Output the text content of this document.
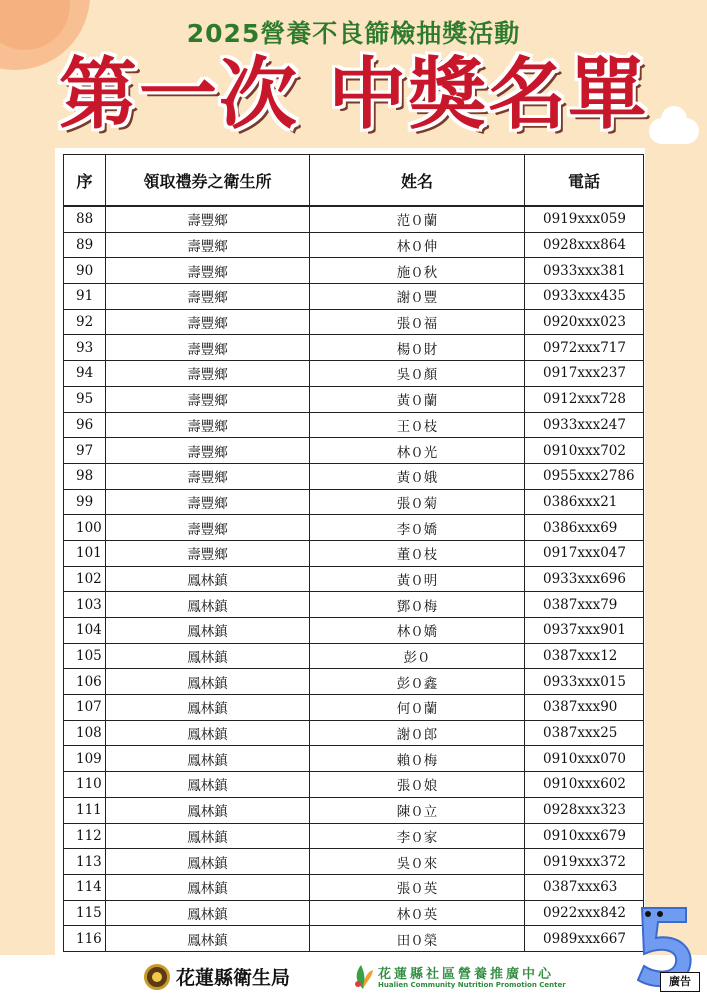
2025營養不良篩檢抽獎活動
第一次 中獎名單
序	領取禮券之衛生所	姓名	電話
88	壽豐鄉	范０蘭	0919xxx059
89	壽豐鄉	林０伸	0928xxx864
90	壽豐鄉	施０秋	0933xxx381
91	壽豐鄉	謝０豐	0933xxx435
92	壽豐鄉	張０福	0920xxx023
93	壽豐鄉	楊０財	0972xxx717
94	壽豐鄉	吳０顏	0917xxx237
95	壽豐鄉	黃０蘭	0912xxx728
96	壽豐鄉	王０枝	0933xxx247
97	壽豐鄉	林０光	0910xxx702
98	壽豐鄉	黃０娥	0955xxx2786
99	壽豐鄉	張０菊	0386xxx21
100	壽豐鄉	李０嬌	0386xxx69
101	壽豐鄉	董０枝	0917xxx047
102	鳳林鎮	黃０明	0933xxx696
103	鳳林鎮	鄧０梅	0387xxx79
104	鳳林鎮	林０嬌	0937xxx901
105	鳳林鎮	彭０	0387xxx12
106	鳳林鎮	彭０鑫	0933xxx015
107	鳳林鎮	何０蘭	0387xxx90
108	鳳林鎮	謝０郎	0387xxx25
109	鳳林鎮	賴０梅	0910xxx070
110	鳳林鎮	張０娘	0910xxx602
111	鳳林鎮	陳０立	0928xxx323
112	鳳林鎮	李０家	0910xxx679
113	鳳林鎮	吳０來	0919xxx372
114	鳳林鎮	張０英	0387xxx63
115	鳳林鎮	林０英	0922xxx842
116	鳳林鎮	田０榮	0989xxx667
花蓮縣衛生局	花蓮縣社區營養推廣中心
Hualien Community Nutrition Promotion Center	廣告
